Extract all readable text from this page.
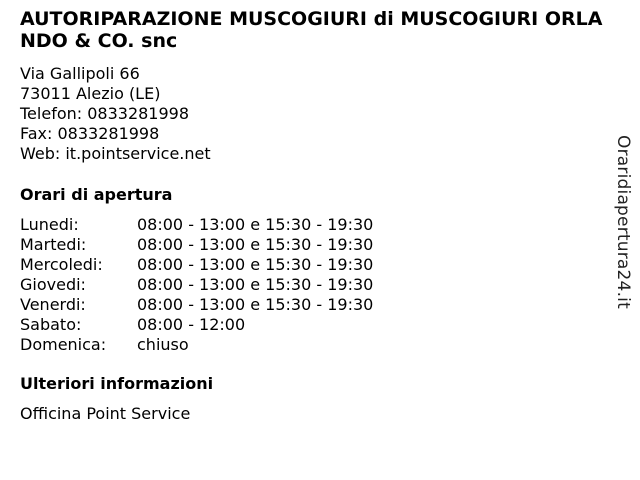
AUTORIPARAZIONE MUSCOGIURI di MUSCOGIURI ORLANDO & CO. snc
Via Gallipoli 66
73011 Alezio (LE)
Telefon: 0833281998
Fax: 0833281998
Web: it.pointservice.net
Orari di apertura
Lunedi:	08:00 - 13:00 e 15:30 - 19:30
Martedi:	08:00 - 13:00 e 15:30 - 19:30
Mercoledi:	08:00 - 13:00 e 15:30 - 19:30
Giovedi:	08:00 - 13:00 e 15:30 - 19:30
Venerdi:	08:00 - 13:00 e 15:30 - 19:30
Sabato:	08:00 - 12:00
Domenica:	chiuso
Ulteriori informazioni
Officina Point Service
Oraridiapertura24.it
